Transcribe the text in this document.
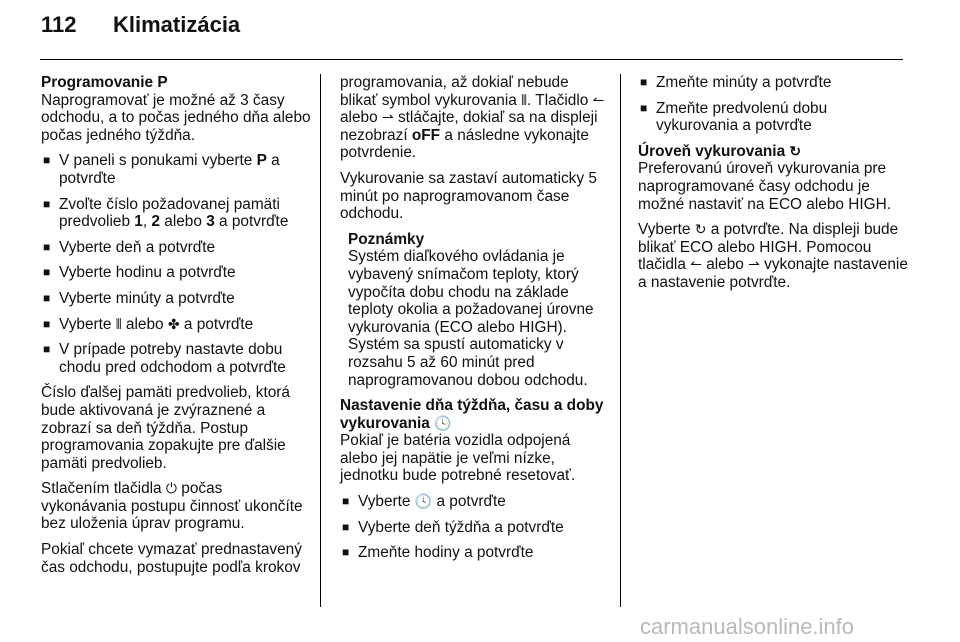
112 Klimatizácia

Programovanie P

Naprogramovať je možné až 3 časy odchodu, a to počas jedného dňa alebo počas jedného týždňa.

■ V paneli s ponukami vyberte P a potvrďte
■ Zvoľte číslo požadovanej pamäti predvolieb 1, 2 alebo 3 a potvrďte
■ Vyberte deň a potvrďte
■ Vyberte hodinu a potvrďte
■ Vyberte minúty a potvrďte
■ Vyberte ⫴ alebo ✤ a potvrďte
■ V prípade potreby nastavte dobu chodu pred odchodom a potvrďte

Číslo ďalšej pamäti predvolieb, ktorá bude aktivovaná je zvýraznené a zobrazí sa deň týždňa. Postup programovania zopakujte pre ďalšie pamäti predvolieb.

Stlačením tlačidla ⏻ počas vykonávania postupu činnosť ukončíte bez uloženia úprav programu.

Pokiaľ chcete vymazať prednastavený čas odchodu, postupujte podľa krokov

programovania, až dokiaľ nebude blikať symbol vykurovania ⫴. Tlačidlo ↼ alebo ⇀ stláčajte, dokiaľ sa na displeji nezobrazí oFF a následne vykonajte potvrdenie.

Vykurovanie sa zastaví automaticky 5 minút po naprogramovanom čase odchodu.

Poznámky

Systém diaľkového ovládania je vybavený snímačom teploty, ktorý vypočíta dobu chodu na základe teploty okolia a požadovanej úrovne vykurovania (ECO alebo HIGH). Systém sa spustí automaticky v rozsahu 5 až 60 minút pred naprogramovanou dobou odchodu.

Nastavenie dňa týždňa, času a doby vykurovania 🕓

Pokiaľ je batéria vozidla odpojená alebo jej napätie je veľmi nízke, jednotku bude potrebné resetovať.

■ Vyberte 🕓 a potvrďte
■ Vyberte deň týždňa a potvrďte
■ Zmeňte hodiny a potvrďte
■ Zmeňte minúty a potvrďte
■ Zmeňte predvolenú dobu vykurovania a potvrďte

Úroveň vykurovania ↻

Preferovanú úroveň vykurovania pre naprogramované časy odchodu je možné nastaviť na ECO alebo HIGH.

Vyberte ↻ a potvrďte. Na displeji bude blikať ECO alebo HIGH. Pomocou tlačidla ↼ alebo ⇀ vykonajte nastavenie a nastavenie potvrďte.

carmanualsonline.info
